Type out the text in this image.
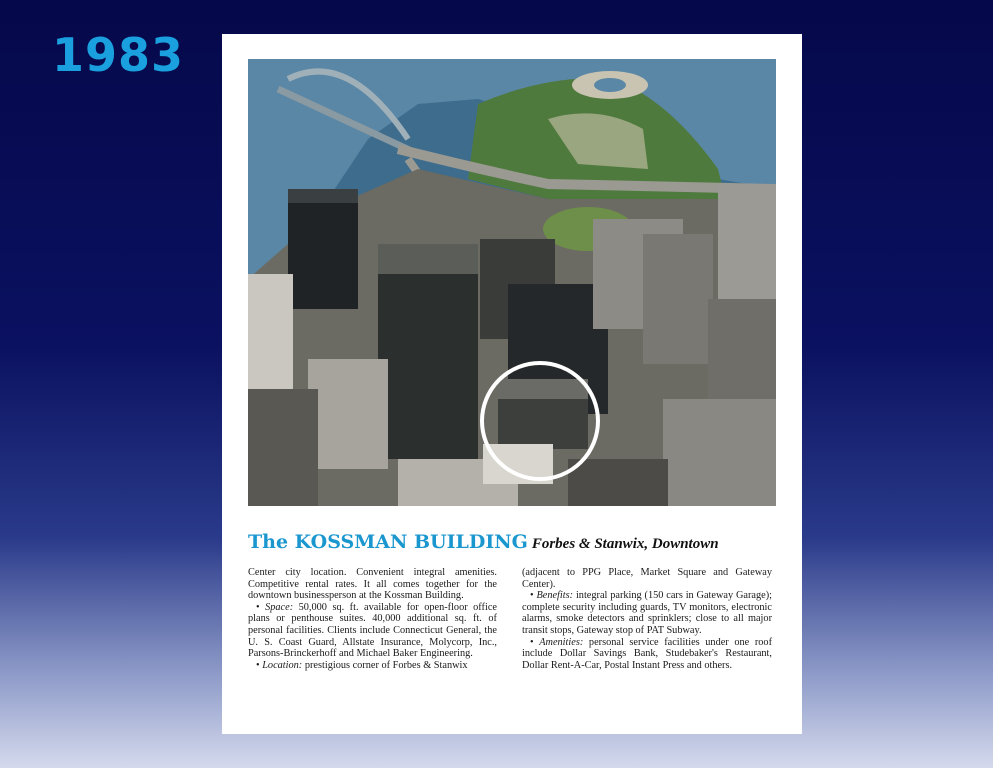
1983
The KOSSMAN BUILDING Forbes & Stanwix, Downtown

Center city location. Convenient integral amenities. Competitive rental rates. It all comes together for the downtown businessperson at the Kossman Building.

• Space: 50,000 sq. ft. available for open-floor office plans or penthouse suites. 40,000 additional sq. ft. of personal facilities. Clients include Connecticut General, the U. S. Coast Guard, Allstate Insurance, Molycorp, Inc., Parsons-Brinckerhoff and Michael Baker Engineering.

• Location: prestigious corner of Forbes & Stanwix

(adjacent to PPG Place, Market Square and Gateway Center).

• Benefits: integral parking (150 cars in Gateway Garage); complete security including guards, TV monitors, electronic alarms, smoke detectors and sprinklers; close to all major transit stops, Gateway stop of PAT Subway.

• Amenities: personal service facilities under one roof include Dollar Savings Bank, Studebaker's Restaurant, Dollar Rent-A-Car, Postal Instant Press and others.
